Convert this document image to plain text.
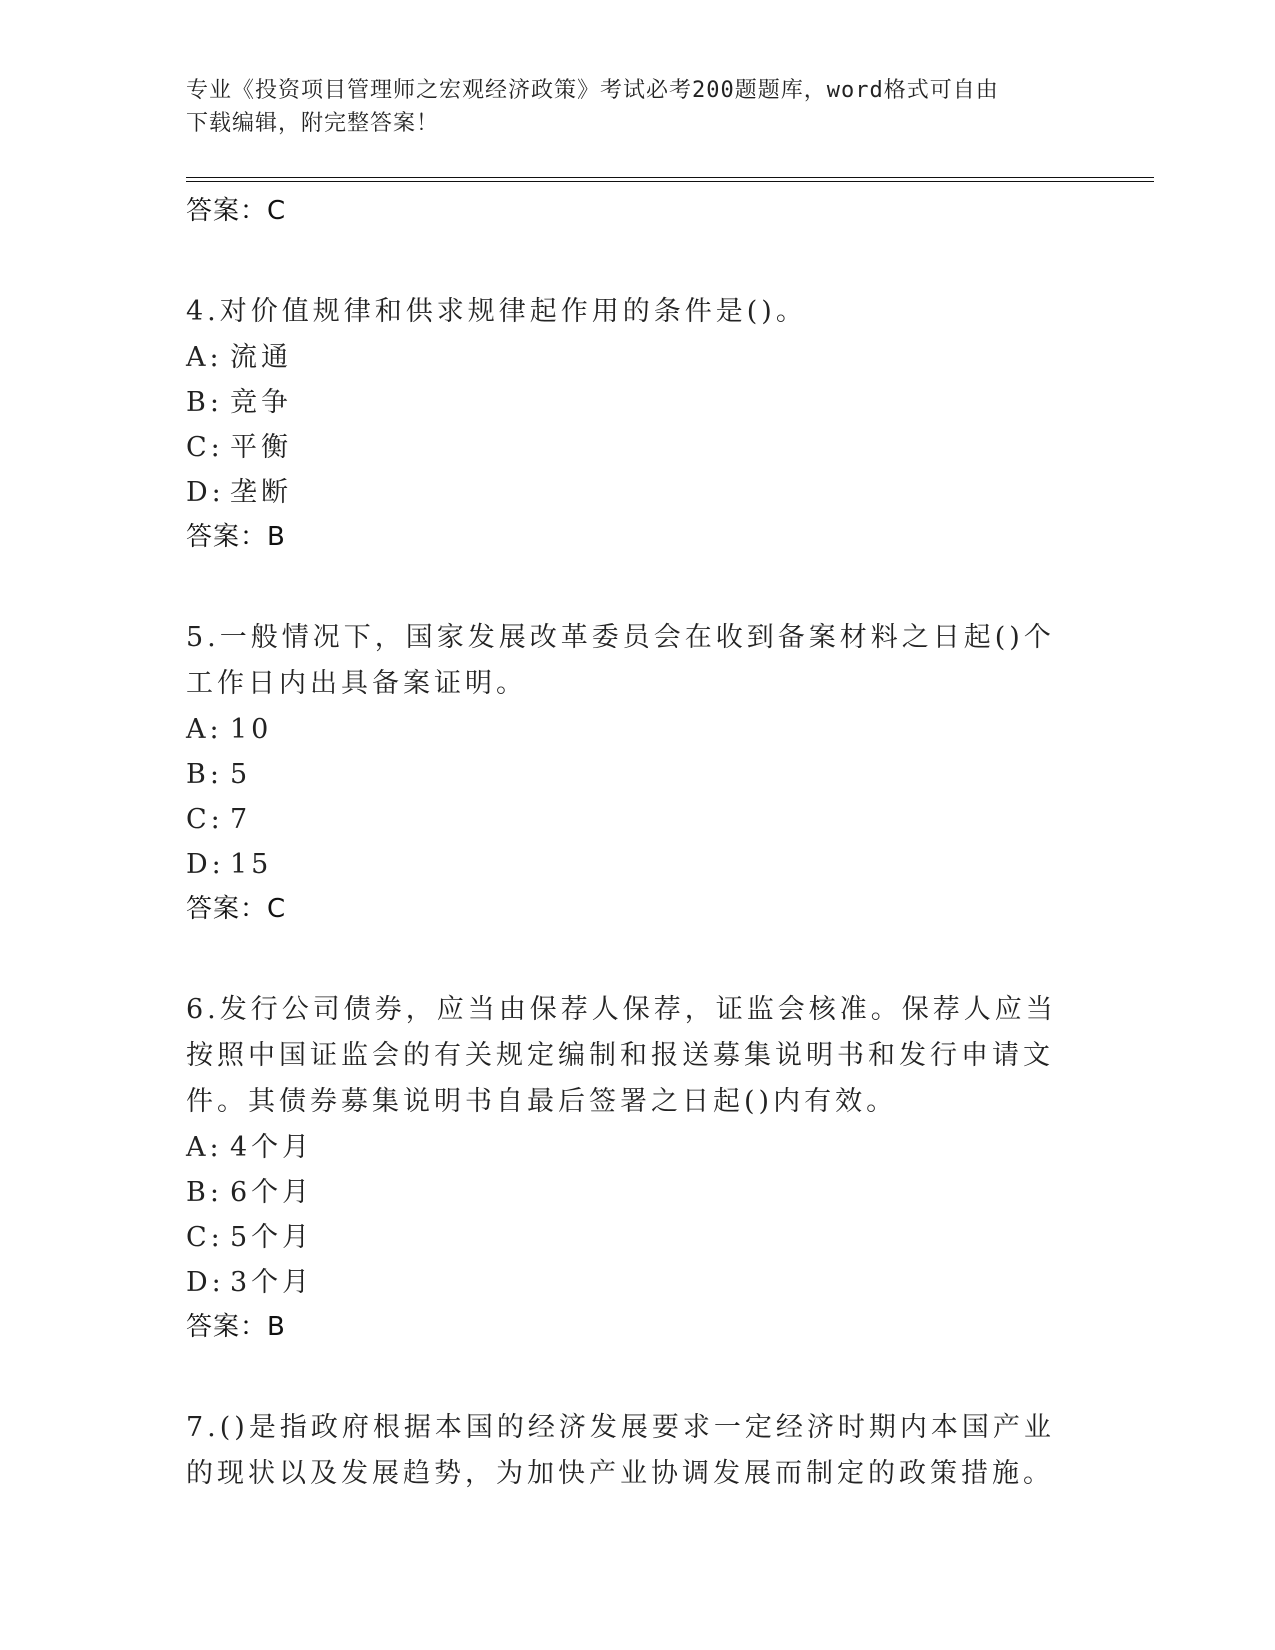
专业《投资项目管理师之宏观经济政策》考试必考200题题库，word格式可自由
下载编辑，附完整答案！
答案：C
4.对价值规律和供求规律起作用的条件是()。
A: 流通
B: 竞争
C: 平衡
D: 垄断
答案：B
5.一般情况下，国家发展改革委员会在收到备案材料之日起()个工作日内出具备案证明。
A: 10
B: 5
C: 7
D: 15
答案：C
6.发行公司债券，应当由保荐人保荐，证监会核准。保荐人应当按照中国证监会的有关规定编制和报送募集说明书和发行申请文件。其债券募集说明书自最后签署之日起()内有效。
A: 4个月
B: 6个月
C: 5个月
D: 3个月
答案：B
7.()是指政府根据本国的经济发展要求一定经济时期内本国产业的现状以及发展趋势，为加快产业协调发展而制定的政策措施。
